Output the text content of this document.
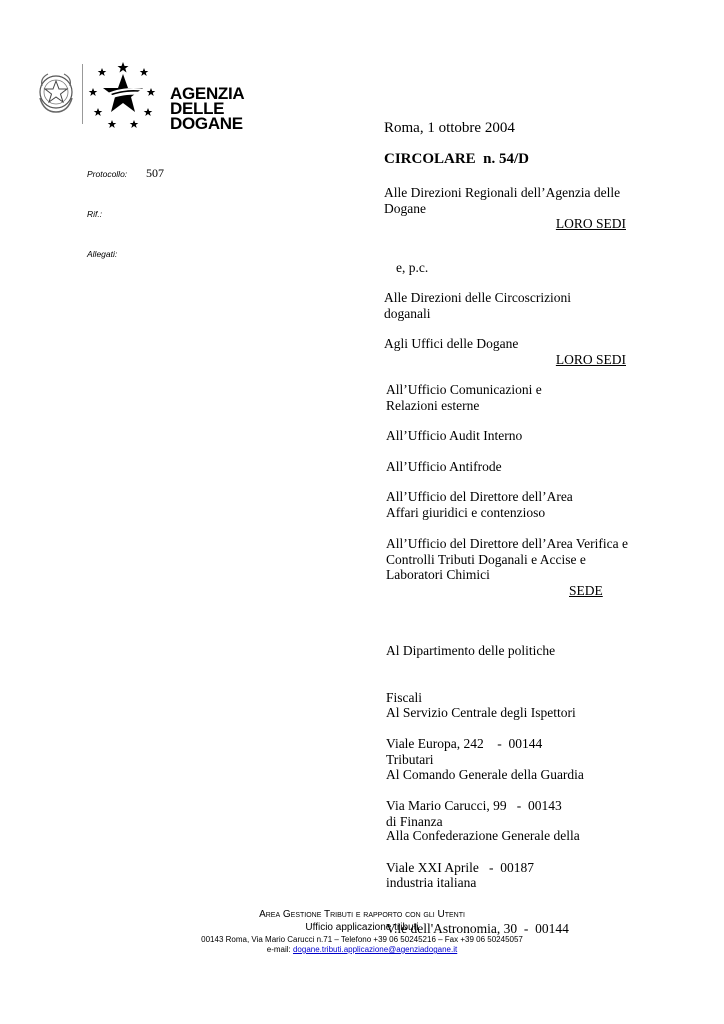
AGENZIA
DELLE
DOGANE
Protocollo: 507
Rif.:
Allegati:
Roma, 1 ottobre 2004
CIRCOLARE  n. 54/D
Alle Direzioni Regionali dell’Agenzia delle
Dogane
LORO SEDI
e, p.c.
Alle Direzioni delle Circoscrizioni
doganali
Agli Uffici delle Dogane
LORO SEDI
All’Ufficio Comunicazioni e
Relazioni esterne
All’Ufficio Audit Interno
All’Ufficio Antifrode
All’Ufficio del Direttore dell’Area
Affari giuridici e contenzioso
All’Ufficio del Direttore dell’Area Verifica e
Controlli Tributi Doganali e Accise e
Laboratori Chimici
SEDE

Al Dipartimento delle politiche

Fiscali

Viale Europa, 242    -  00144

Al Servizio Centrale degli Ispettori

Tributari

Via Mario Carucci, 99   -  00143

Al Comando Generale della Guardia

di Finanza

Viale XXI Aprile   -  00187

Alla Confederazione Generale della

industria italiana

V.le dell'Astronomia, 30  -  00144

Area Gestione Tributi e rapporto con gli Utenti
Ufficio applicazione tributi
00143 Roma, Via Mario Carucci n.71 – Telefono +39 06 50245216 – Fax +39 06 50245057
e-mail: dogane.tributi.applicazione@agenziadogane.it
